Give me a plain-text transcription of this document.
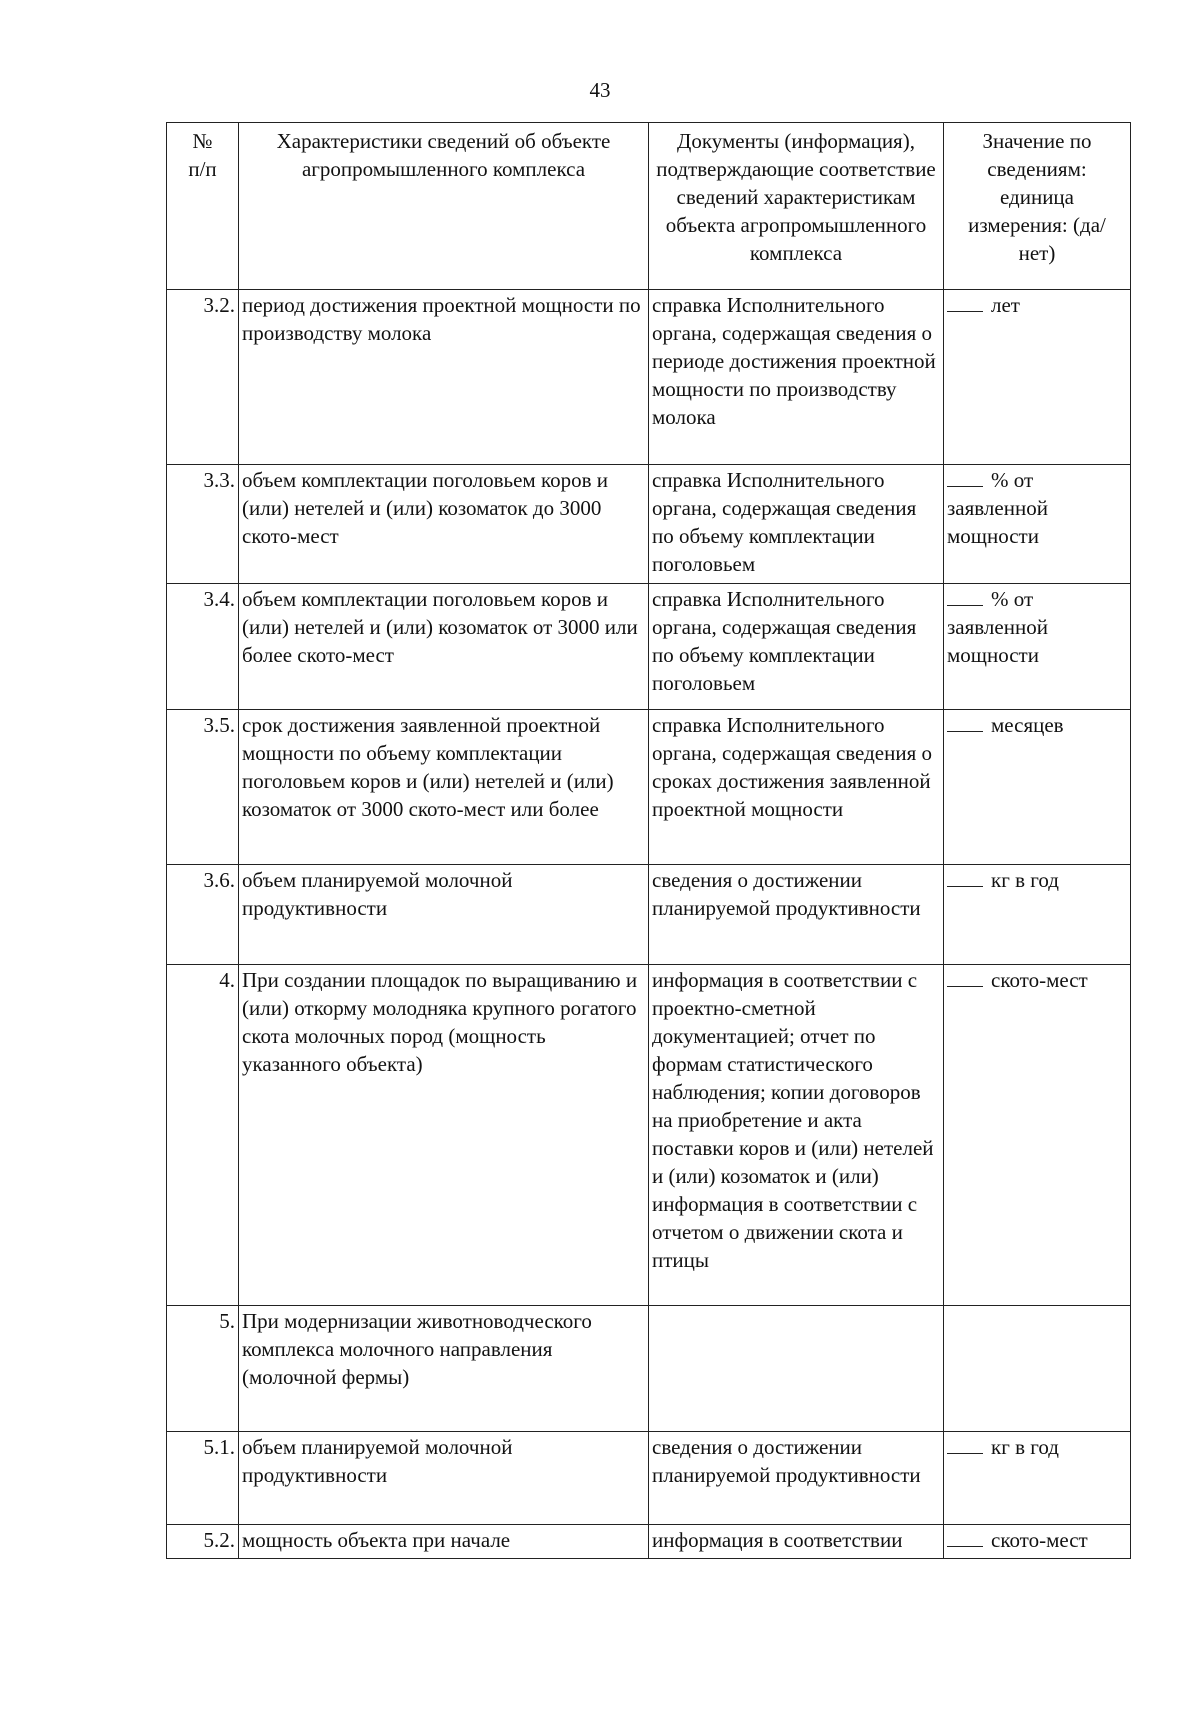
43
№
п/п	Характеристики сведений об объекте агропромышленного комплекса	Документы (информация), подтверждающие соответствие сведений характеристикам объекта агропромышленного комплекса	Значение по сведениям: единица измерения: (да/нет)
3.2.	период достижения проектной мощности по производству молока	справка Исполнительного органа, содержащая сведения о периоде достижения проектной мощности по производству молока	лет
3.3.	объем комплектации поголовьем коров и (или) нетелей и (или) козоматок до 3000 ското-мест	справка Исполнительного органа, содержащая сведения по объему комплектации поголовьем	% от
заявленной мощности

3.4.	объем комплектации поголовьем коров и (или) нетелей и (или) козоматок от 3000 или более ското-мест	справка Исполнительного органа, содержащая сведения по объему комплектации поголовьем	% от
заявленной мощности

3.5.	срок достижения заявленной проектной мощности по объему комплектации поголовьем коров и (или) нетелей и (или) козоматок от 3000 ското-мест или более	справка Исполнительного органа, содержащая сведения о сроках достижения заявленной проектной мощности	месяцев
3.6.	объем планируемой молочной продуктивности	сведения о достижении планируемой продуктивности	кг в год
4.	При создании площадок по выращиванию и (или) откорму молодняка крупного рогатого скота молочных пород (мощность указанного объекта)	информация в соответствии с проектно-сметной документацией; отчет по формам статистического наблюдения; копии договоров на приобретение и акта поставки коров и (или) нетелей и (или) козоматок и (или) информация в соответствии с отчетом о движении скота и птицы	ското-мест
5.	При модернизации животноводческого комплекса молочного направления (молочной фермы)		
5.1.	объем планируемой молочной продуктивности	сведения о достижении планируемой продуктивности	кг в год
5.2.	мощность объекта при начале	информация в соответствии	ското-мест
